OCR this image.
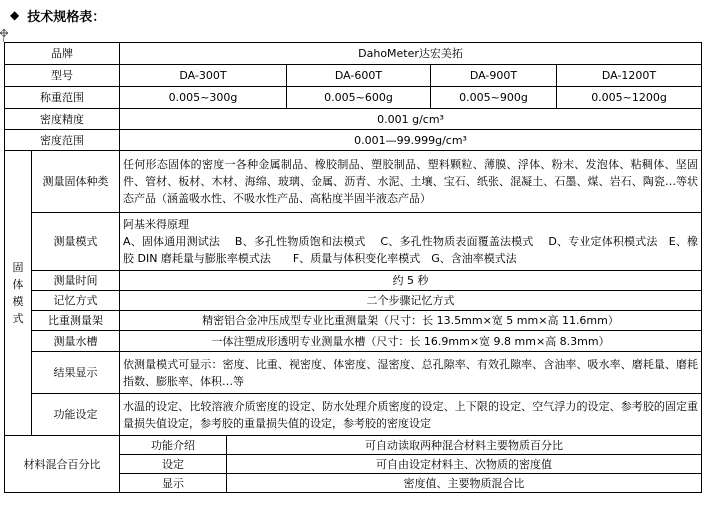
◆ 技术规格表：
品牌		DahoMeter达宏美拓				
型号		DA-300T		DA-600T	DA-900T	DA-1200T
称重范围		0.005~300g		0.005~600g	0.005~900g	0.005~1200g
密度精度		0.001 g/cm³				
密度范围		0.001—99.999g/cm³				

固
体
模
式	测量固体种类	任何形态固体的密度一各种金属制品、橡胶制品、塑胶制品、塑料颗粒、薄膜、浮体、粉末、发泡体、粘稠体、坚固件、管材、板材、木材、海绵、玻璃、金属、沥青、水泥、土壤、宝石、纸张、混凝土、石墨、煤、岩石、陶瓷…等状态产品（涵盖吸水性、不吸水性产品、高粘度半固半液态产品）				
	测量模式	阿基米得原理
A、固体通用测试法　 B、多孔性物质饱和法模式　 C、多孔性物质表面覆盖法模式　 D、专业定体积模式法　E、橡胶 DIN 磨耗量与膨胀率模式法　　F、质量与体积变化率模式　G、含油率模式法				

	测量时间	约 5 秒				
	记忆方式	二个步骤记忆方式				
	比重测量架	精密铝合金冲压成型专业比重测量架（尺寸：长 13.5mm×宽 5 mm×高 11.6mm）				
	测量水槽	一体注塑成形透明专业测量水槽（尺寸：长 16.9mm×宽 9.8 mm×高 8.3mm）				
	结果显示	依测量模式可显示：密度、比重、视密度、体密度、湿密度、总孔隙率、有效孔隙率、含油率、吸水率、磨耗量、磨耗指数、膨胀率、体积…等				
	功能设定	水温的设定、比较溶液介质密度的设定、防水处理介质密度的设定、上下限的设定、空气浮力的设定、参考胶的固定重量损失值设定，参考胶的重量损失值的设定，参考胶的密度设定				
材料混合百分比		功能介绍	可自动读取两种混合材料主要物质百分比			
		设定	可自由设定材料主、次物质的密度值			
		显示	密度值、主要物质混合比			
